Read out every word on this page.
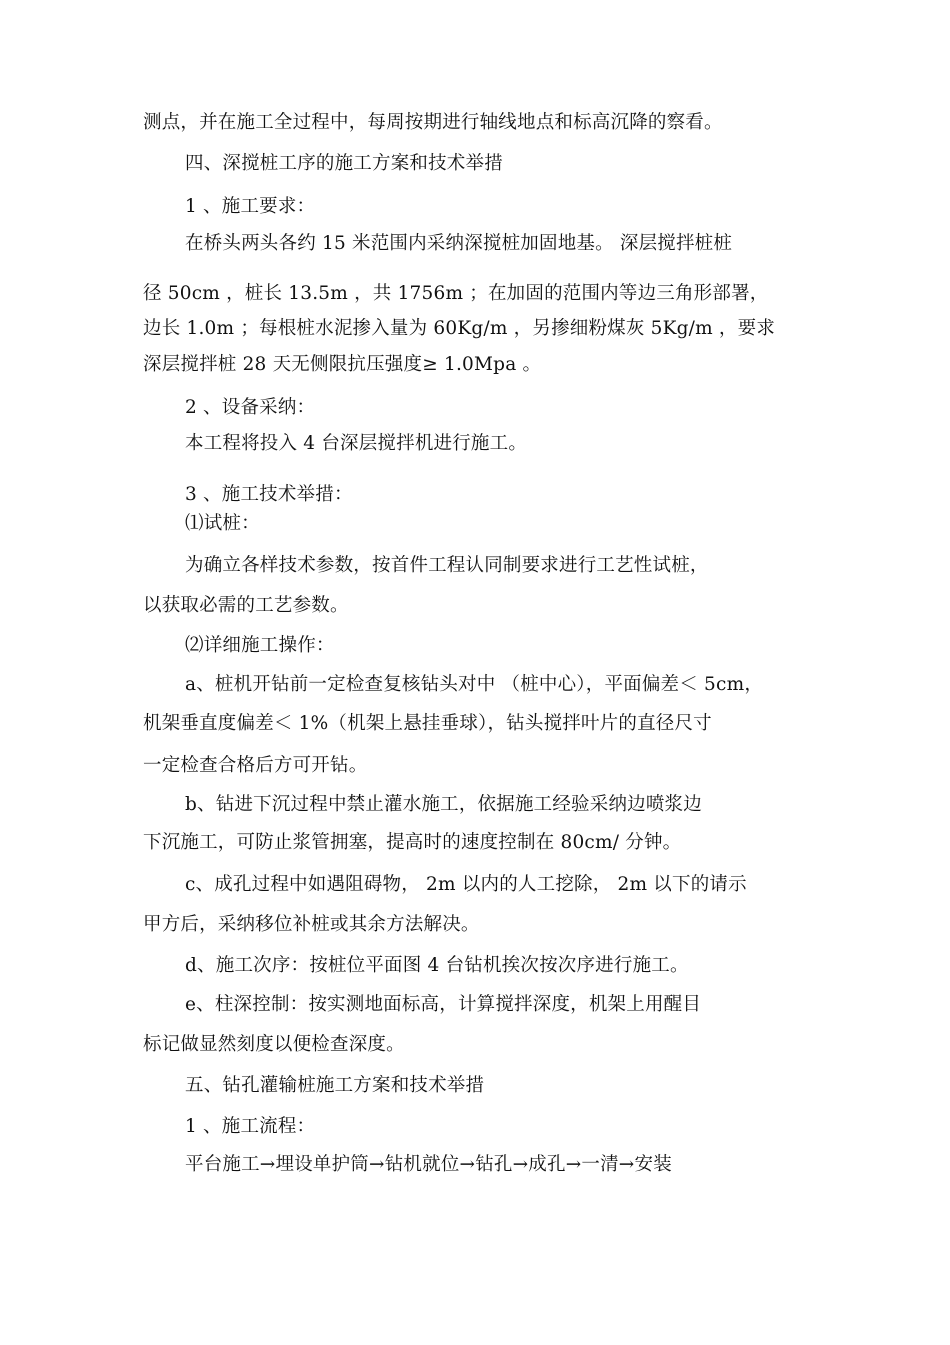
测点，并在施工全过程中，每周按期进行轴线地点和标高沉降的察看。
四、深搅桩工序的施工方案和技术举措
1 、施工要求：
在桥头两头各约 15 米范围内采纳深搅桩加固地基。 深层搅拌桩桩
径 50cm ，桩长 13.5m ，共 1756m ；在加固的范围内等边三角形部署，
边长 1.0m ；每根桩水泥掺入量为 60Kg/m ，另掺细粉煤灰 5Kg/m ，要求
深层搅拌桩 28 天无侧限抗压强度≥ 1.0Mpa 。
2 、设备采纳：
本工程将投入 4 台深层搅拌机进行施工。
3 、施工技术举措：
⑴试桩：
为确立各样技术参数，按首件工程认同制要求进行工艺性试桩，
以获取必需的工艺参数。
⑵详细施工操作：
a、桩机开钻前一定检查复核钻头对中 （桩中心），平面偏差＜ 5cm，
机架垂直度偏差＜ 1%（机架上悬挂垂球），钻头搅拌叶片的直径尺寸
一定检查合格后方可开钻。
b、钻进下沉过程中禁止灌水施工，依据施工经验采纳边喷浆边
下沉施工，可防止浆管拥塞，提高时的速度控制在 80cm/ 分钟。
c、成孔过程中如遇阻碍物， 2m 以内的人工挖除， 2m 以下的请示
甲方后，采纳移位补桩或其余方法解决。
d、施工次序：按桩位平面图 4 台钻机挨次按次序进行施工。
e、柱深控制：按实测地面标高，计算搅拌深度，机架上用醒目
标记做显然刻度以便检查深度。
五、钻孔灌输桩施工方案和技术举措
1 、施工流程：
平台施工→埋设单护筒→钻机就位→钻孔→成孔→一清→安装
